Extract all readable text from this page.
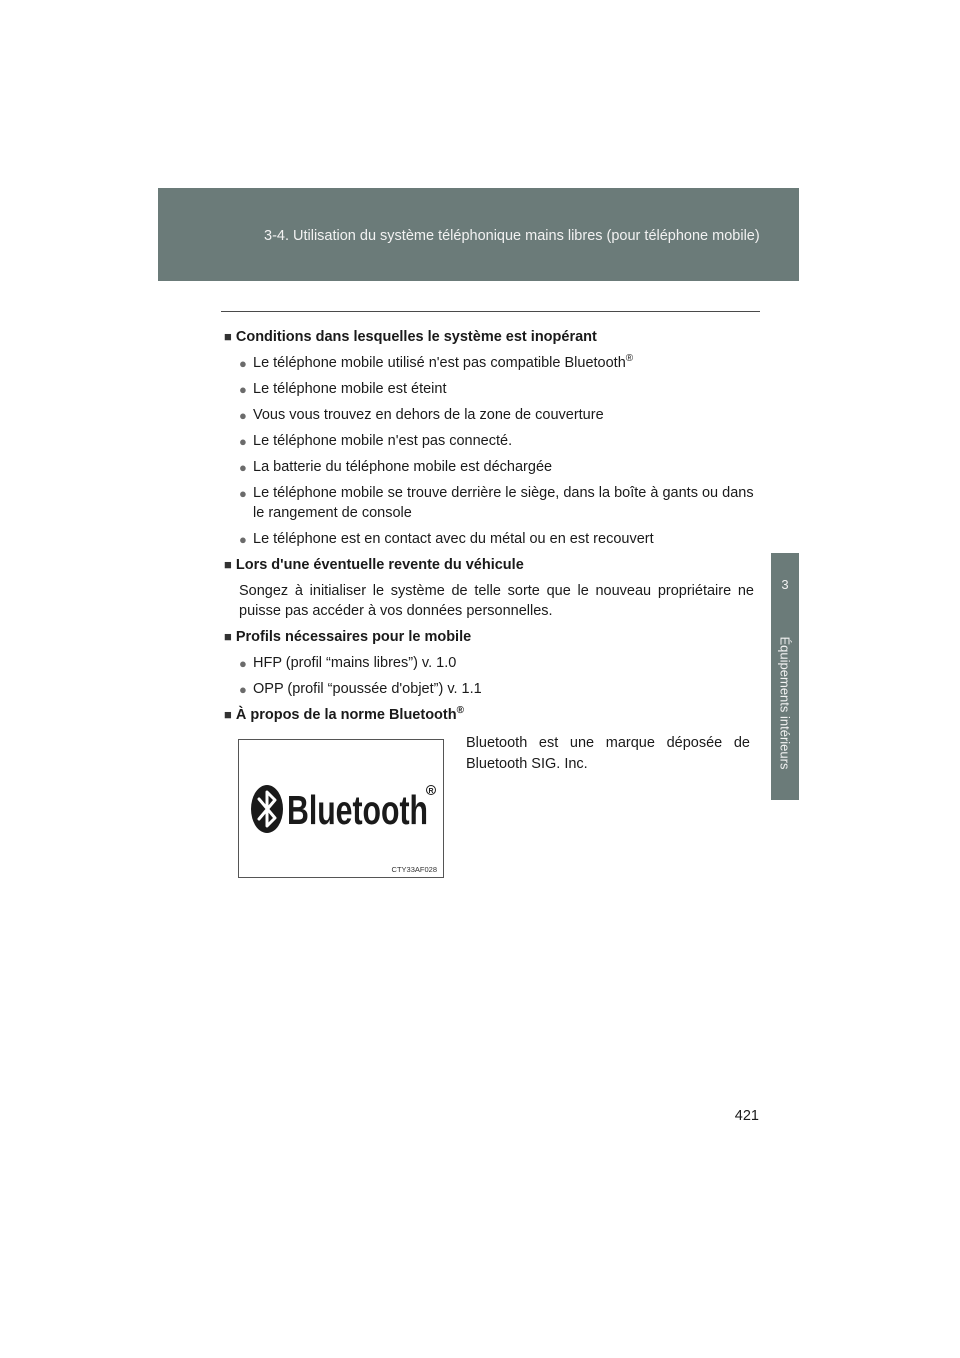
3-4. Utilisation du système téléphonique mains libres (pour téléphone mobile)
3
Équipements intérieurs
■ Conditions dans lesquelles le système est inopérant
● Le téléphone mobile utilisé n'est pas compatible Bluetooth®
● Le téléphone mobile est éteint
● Vous vous trouvez en dehors de la zone de couverture
● Le téléphone mobile n'est pas connecté.
● La batterie du téléphone mobile est déchargée
● Le téléphone mobile se trouve derrière le siège, dans la boîte à gants ou dans le rangement de console
● Le téléphone est en contact avec du métal ou en est recouvert
■ Lors d'une éventuelle revente du véhicule
Songez à initialiser le système de telle sorte que le nouveau propriétaire ne puisse pas accéder à vos données personnelles.
■ Profils nécessaires pour le mobile
● HFP (profil “mains libres”) v. 1.0
● OPP (profil “poussée d'objet”) v. 1.1
■ À propos de la norme Bluetooth®
Bluetooth R
CTY33AF028
Bluetooth est une marque déposée de Bluetooth SIG. Inc.
421
